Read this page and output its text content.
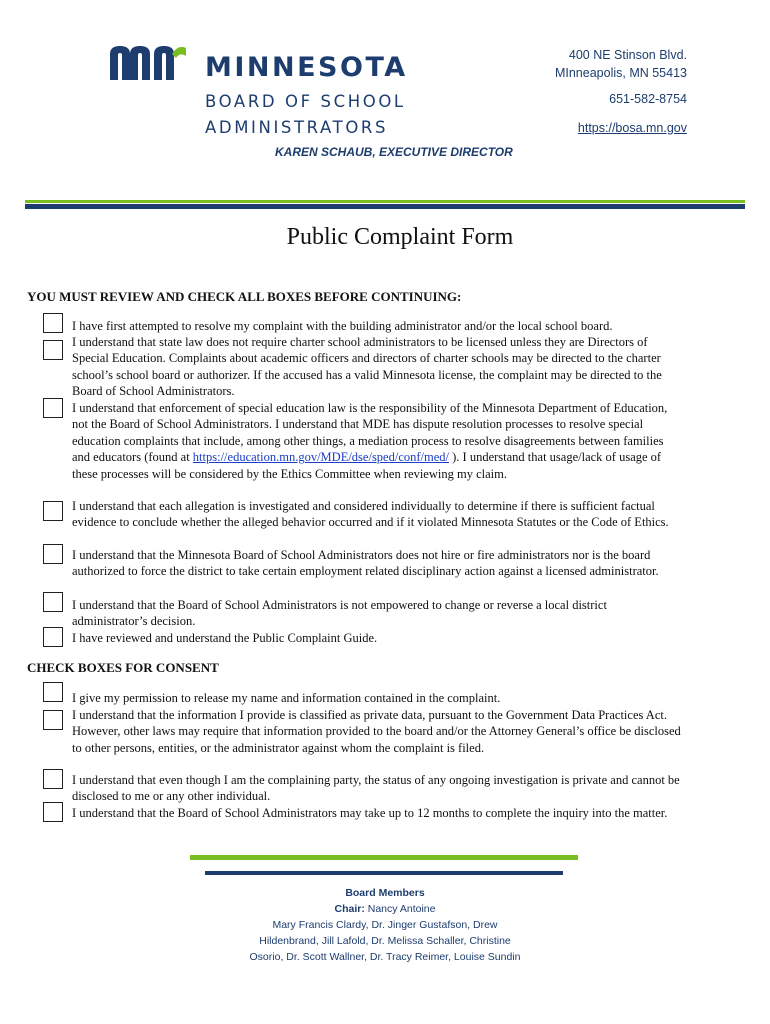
MINNESOTA
BOARD OF SCHOOL
ADMINISTRATORS
KAREN SCHAUB, EXECUTIVE DIRECTOR
400 NE Stinson Blvd.
MInneapolis, MN 55413
651-582-8754
https://bosa.mn.gov
Public Complaint Form
YOU MUST REVIEW AND CHECK ALL BOXES BEFORE CONTINUING:
I have first attempted to resolve my complaint with the building administrator and/or the local school board.
I understand that state law does not require charter school administrators to be licensed unless they are Directors of Special Education. Complaints about academic officers and directors of charter schools may be directed to the charter school’s school board or authorizer. If the accused has a valid Minnesota license, the complaint may be directed to the Board of School Administrators.
I understand that enforcement of special education law is the responsibility of the Minnesota Department of Education, not the Board of School Administrators. I understand that MDE has dispute resolution processes to resolve special education complaints that include, among other things, a mediation process to resolve disagreements between families and educators (found at https://education.mn.gov/MDE/dse/sped/conf/med/ ). I understand that usage/lack of usage of these processes will be considered by the Ethics Committee when reviewing my claim.
I understand that each allegation is investigated and considered individually to determine if there is sufficient factual evidence to conclude whether the alleged behavior occurred and if it violated Minnesota Statutes or the Code of Ethics.
I understand that the Minnesota Board of School Administrators does not hire or fire administrators nor is the board authorized to force the district to take certain employment related disciplinary action against a licensed administrator.
I understand that the Board of School Administrators is not empowered to change or reverse a local district administrator’s decision.
I have reviewed and understand the Public Complaint Guide.
CHECK BOXES FOR CONSENT
I give my permission to release my name and information contained in the complaint.
I understand that the information I provide is classified as private data, pursuant to the Government Data Practices Act. However, other laws may require that information provided to the board and/or the Attorney General’s office be disclosed to other persons, entities, or the administrator against whom the complaint is filed.
I understand that even though I am the complaining party, the status of any ongoing investigation is private and cannot be disclosed to me or any other individual.
I understand that the Board of School Administrators may take up to 12 months to complete the inquiry into the matter.
Board Members
Chair: Nancy Antoine
Mary Francis Clardy, Dr. Jinger Gustafson, Drew
Hildenbrand, Jill Lafold, Dr. Melissa Schaller, Christine
Osorio, Dr. Scott Wallner, Dr. Tracy Reimer, Louise Sundin
